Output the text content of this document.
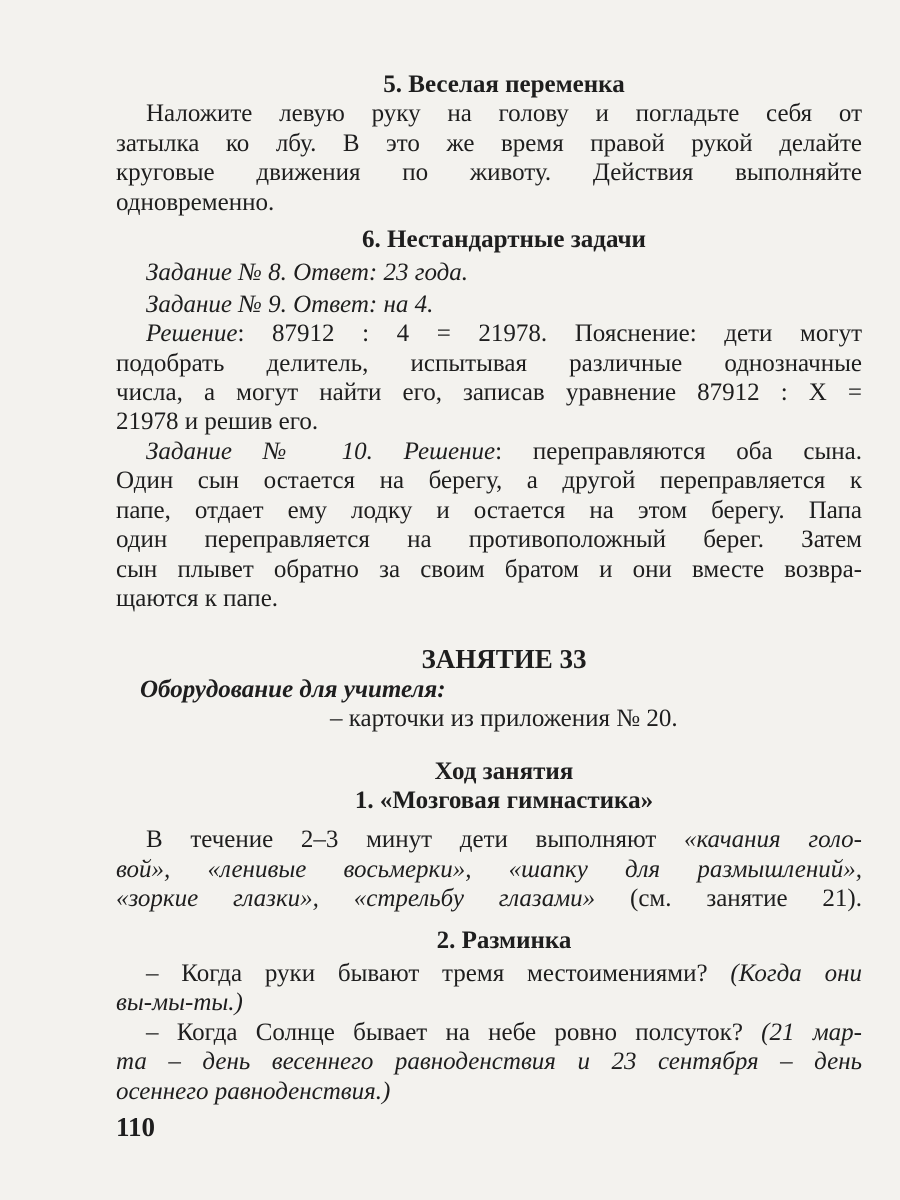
5. Веселая переменка
Наложите левую руку на голову и погладьте себя от
затылка ко лбу. В это же время правой рукой делайте
круговые движения по животу. Действия выполняйте
одновременно.
6. Нестандартные задачи
Задание № 8. Ответ: 23 года.
Задание № 9. Ответ: на 4.
Решение: 87912 : 4 = 21978. Пояснение: дети могут
подобрать делитель, испытывая различные однозначные
числа, а могут найти его, записав уравнение 87912 : Х =
21978 и решив его.
Задание № 10. Решение: переправляются оба сына.
Один сын остается на берегу, а другой переправляется к
папе, отдает ему лодку и остается на этом берегу. Папа
один переправляется на противоположный берег. Затем
сын плывет обратно за своим братом и они вместе возвра-
щаются к папе.
ЗАНЯТИЕ 33
Оборудование для учителя:
– карточки из приложения № 20.
Ход занятия
1. «Мозговая гимнастика»
В течение 2–3 минут дети выполняют «качания голо-
вой», «ленивые восьмерки», «шапку для размышлений»,
«зоркие глазки», «стрельбу глазами» (см. занятие 21).
2. Разминка
– Когда руки бывают тремя местоимениями? (Когда они
вы-мы-ты.)
– Когда Солнце бывает на небе ровно полсуток? (21 мар-
та – день весеннего равноденствия и 23 сентября – день
осеннего равноденствия.)
110
